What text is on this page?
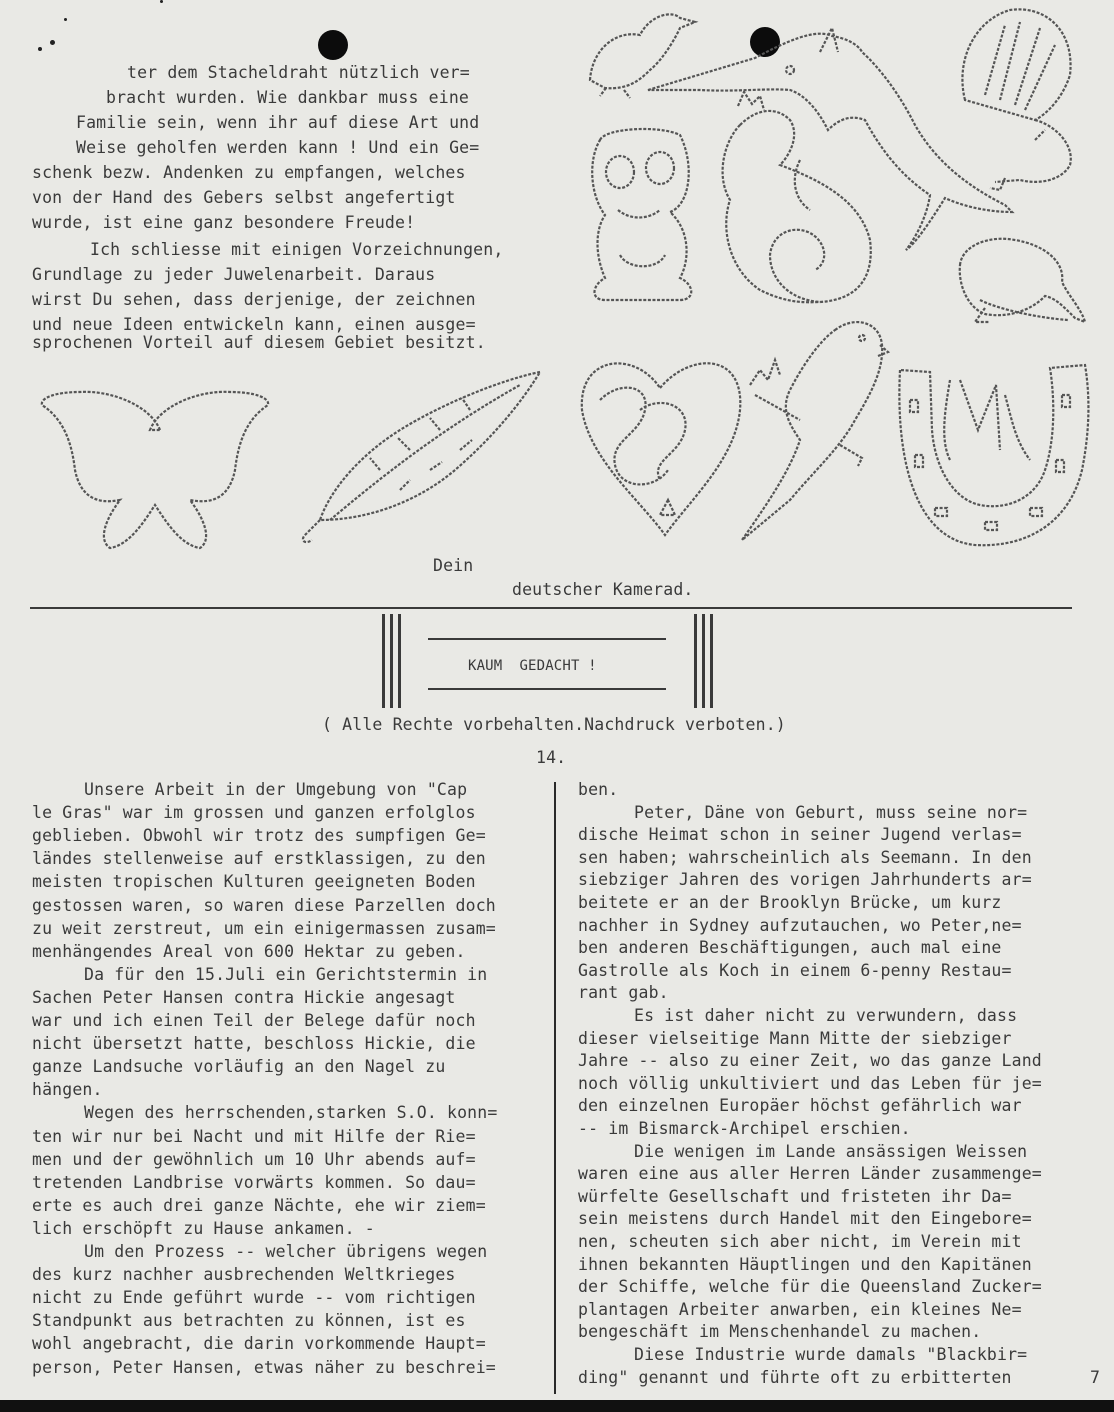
ter dem Stacheldraht nützlich ver=
bracht wurden. Wie dankbar muss eine
Familie sein, wenn ihr auf diese Art und
Weise geholfen werden kann ! Und ein Ge=
schenk bezw. Andenken zu empfangen, welches
von der Hand des Gebers selbst angefertigt
wurde, ist eine ganz besondere Freude!
Ich schliesse mit einigen Vorzeichnungen,
Grundlage zu jeder Juwelenarbeit. Daraus
wirst Du sehen, dass derjenige, der zeichnen
und neue Ideen entwickeln kann, einen ausge=
sprochenen Vorteil auf diesem Gebiet besitzt.
Dein
deutscher Kamerad.
KAUM  GEDACHT !
( Alle Rechte vorbehalten.Nachdruck verboten.)
14.
Unsere Arbeit in der Umgebung von "Cap
le Gras" war im grossen und ganzen erfolglos
geblieben. Obwohl wir trotz des sumpfigen Ge=
ländes stellenweise auf erstklassigen, zu den
meisten tropischen Kulturen geeigneten Boden
gestossen waren, so waren diese Parzellen doch
zu weit zerstreut, um ein einigermassen zusam=
menhängendes Areal von 600 Hektar zu geben.
Da für den 15.Juli ein Gerichtstermin in
Sachen Peter Hansen contra Hickie angesagt
war und ich einen Teil der Belege dafür noch
nicht übersetzt hatte, beschloss Hickie, die
ganze Landsuche vorläufig an den Nagel zu
hängen.
Wegen des herrschenden,starken S.O. konn=
ten wir nur bei Nacht und mit Hilfe der Rie=
men und der gewöhnlich um 10 Uhr abends auf=
tretenden Landbrise vorwärts kommen. So dau=
erte es auch drei ganze Nächte, ehe wir ziem=
lich erschöpft zu Hause ankamen. -
Um den Prozess -- welcher übrigens wegen
des kurz nachher ausbrechenden Weltkrieges
nicht zu Ende geführt wurde -- vom richtigen
Standpunkt aus betrachten zu können, ist es
wohl angebracht, die darin vorkommende Haupt=
person, Peter Hansen, etwas näher zu beschrei=
ben.
Peter, Däne von Geburt, muss seine nor=
dische Heimat schon in seiner Jugend verlas=
sen haben; wahrscheinlich als Seemann. In den
siebziger Jahren des vorigen Jahrhunderts ar=
beitete er an der Brooklyn Brücke, um kurz
nachher in Sydney aufzutauchen, wo Peter,ne=
ben anderen Beschäftigungen, auch mal eine
Gastrolle als Koch in einem 6-penny Restau=
rant gab.
Es ist daher nicht zu verwundern, dass
dieser vielseitige Mann Mitte der siebziger
Jahre -- also zu einer Zeit, wo das ganze Land
noch völlig unkultiviert und das Leben für je=
den einzelnen Europäer höchst gefährlich war
-- im Bismarck-Archipel erschien.
Die wenigen im Lande ansässigen Weissen
waren eine aus aller Herren Länder zusammenge=
würfelte Gesellschaft und fristeten ihr Da=
sein meistens durch Handel mit den Eingebore=
nen, scheuten sich aber nicht, im Verein mit
ihnen bekannten Häuptlingen und den Kapitänen
der Schiffe, welche für die Queensland Zucker=
plantagen Arbeiter anwarben, ein kleines Ne=
bengeschäft im Menschenhandel zu machen.
Diese Industrie wurde damals "Blackbir=
ding" genannt und führte oft zu erbitterten	7
